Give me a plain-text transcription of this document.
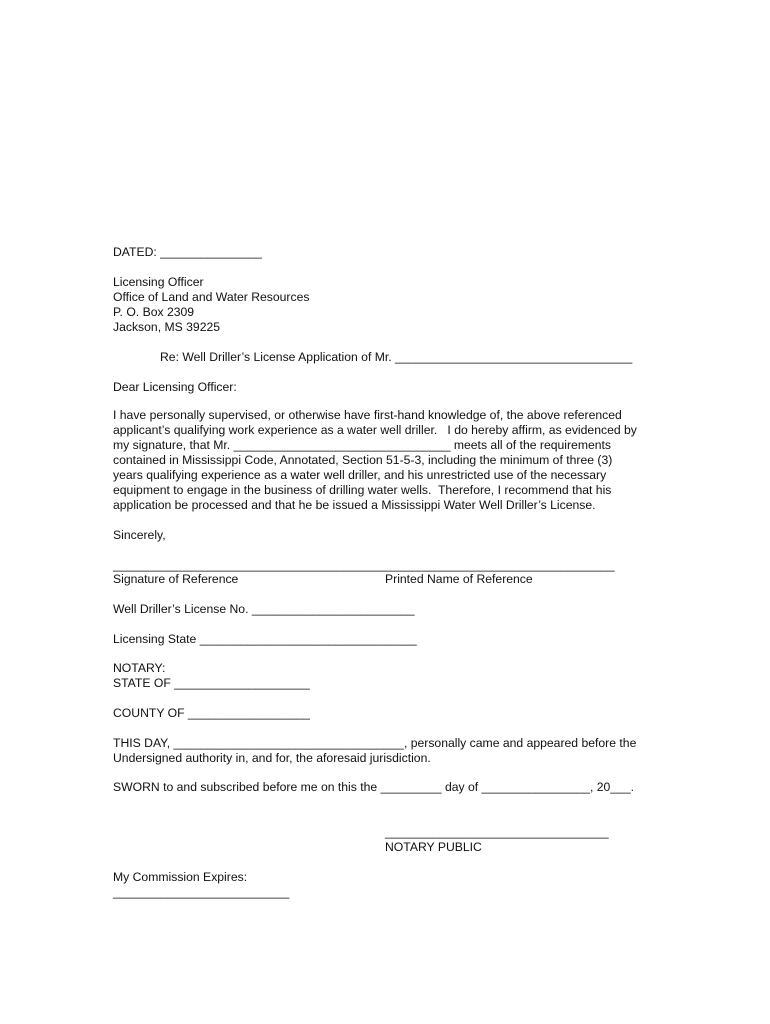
DATED: _______________
Licensing Officer
Office of Land and Water Resources
P. O. Box 2309
Jackson, MS 39225
Re: Well Driller’s License Application of Mr. ___________________________________
Dear Licensing Officer:
I have personally supervised, or otherwise have first-hand knowledge of, the above referenced
applicant’s qualifying work experience as a water well driller.   I do hereby affirm, as evidenced by
my signature, that Mr. ________________________________ meets all of the requirements
contained in Mississippi Code, Annotated, Section 51-5-3, including the minimum of three (3)
years qualifying experience as a water well driller, and his unrestricted use of the necessary
equipment to engage in the business of drilling water wells.  Therefore, I recommend that his
application be processed and that he be issued a Mississippi Water Well Driller’s License.
Sincerely,
__________________________________________________________________________
Signature of Reference	Printed Name of Reference
Well Driller’s License No. ________________________
Licensing State ________________________________
NOTARY:
STATE OF ____________________
COUNTY OF __________________
THIS DAY, __________________________________, personally came and appeared before the
Undersigned authority in, and for, the aforesaid jurisdiction.
SWORN to and subscribed before me on this the _________ day of ________________, 20___.
_________________________________
NOTARY PUBLIC
My Commission Expires:
__________________________
